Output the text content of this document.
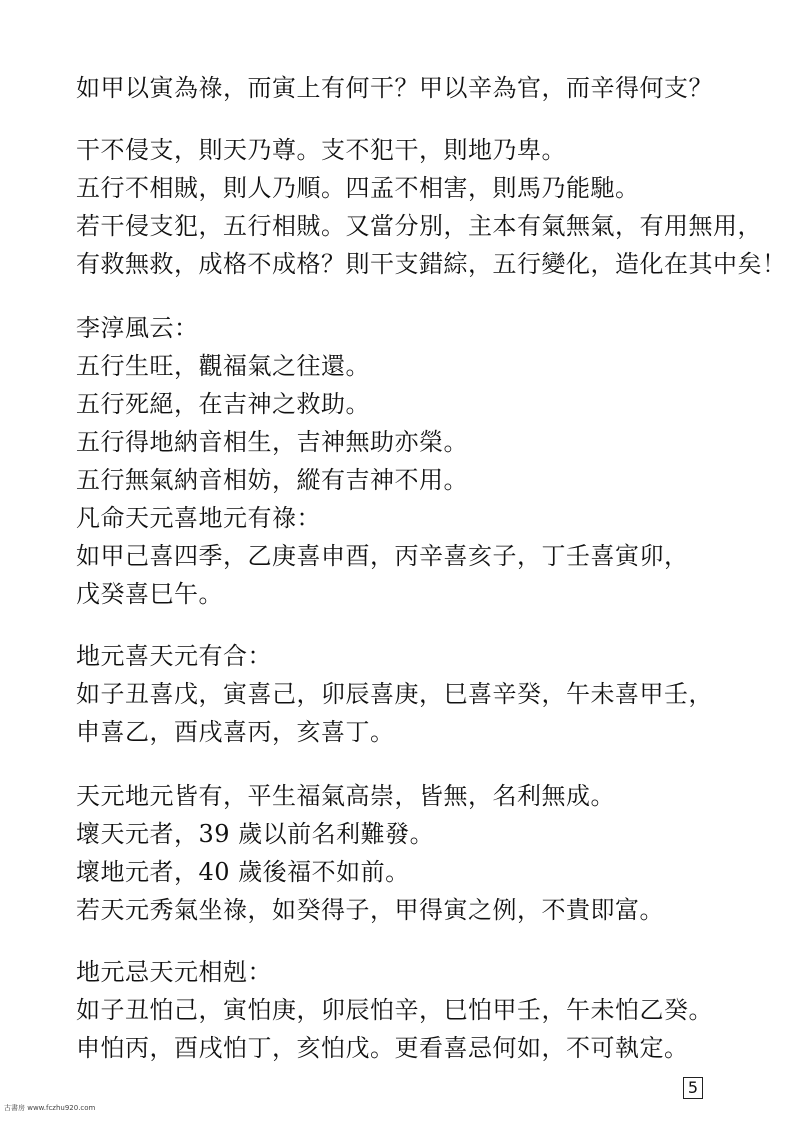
如甲以寅為祿，而寅上有何干？甲以辛為官，而辛得何支？
干不侵支，則天乃尊。支不犯干，則地乃卑。
五行不相賊，則人乃順。四孟不相害，則馬乃能馳。
若干侵支犯，五行相賊。又當分別，主本有氣無氣，有用無用，
有救無救，成格不成格？則干支錯綜，五行變化，造化在其中矣！
李淳風云：
五行生旺，觀福氣之往還。
五行死絕，在吉神之救助。
五行得地納音相生，吉神無助亦榮。
五行無氣納音相妨，縱有吉神不用。
凡命天元喜地元有祿：
如甲己喜四季，乙庚喜申酉，丙辛喜亥子，丁壬喜寅卯，
戊癸喜巳午。
地元喜天元有合：
如子丑喜戊，寅喜己，卯辰喜庚，巳喜辛癸，午未喜甲壬，
申喜乙，酉戌喜丙，亥喜丁。
天元地元皆有，平生福氣高崇，皆無，名利無成。
壞天元者，39 歲以前名利難發。
壞地元者，40 歲後福不如前。
若天元秀氣坐祿，如癸得子，甲得寅之例，不貴即富。
地元忌天元相剋：
如子丑怕己，寅怕庚，卯辰怕辛，巳怕甲壬，午未怕乙癸。
申怕丙，酉戌怕丁，亥怕戊。更看喜忌何如，不可執定。
5
古書房 www.fczhu920.com
